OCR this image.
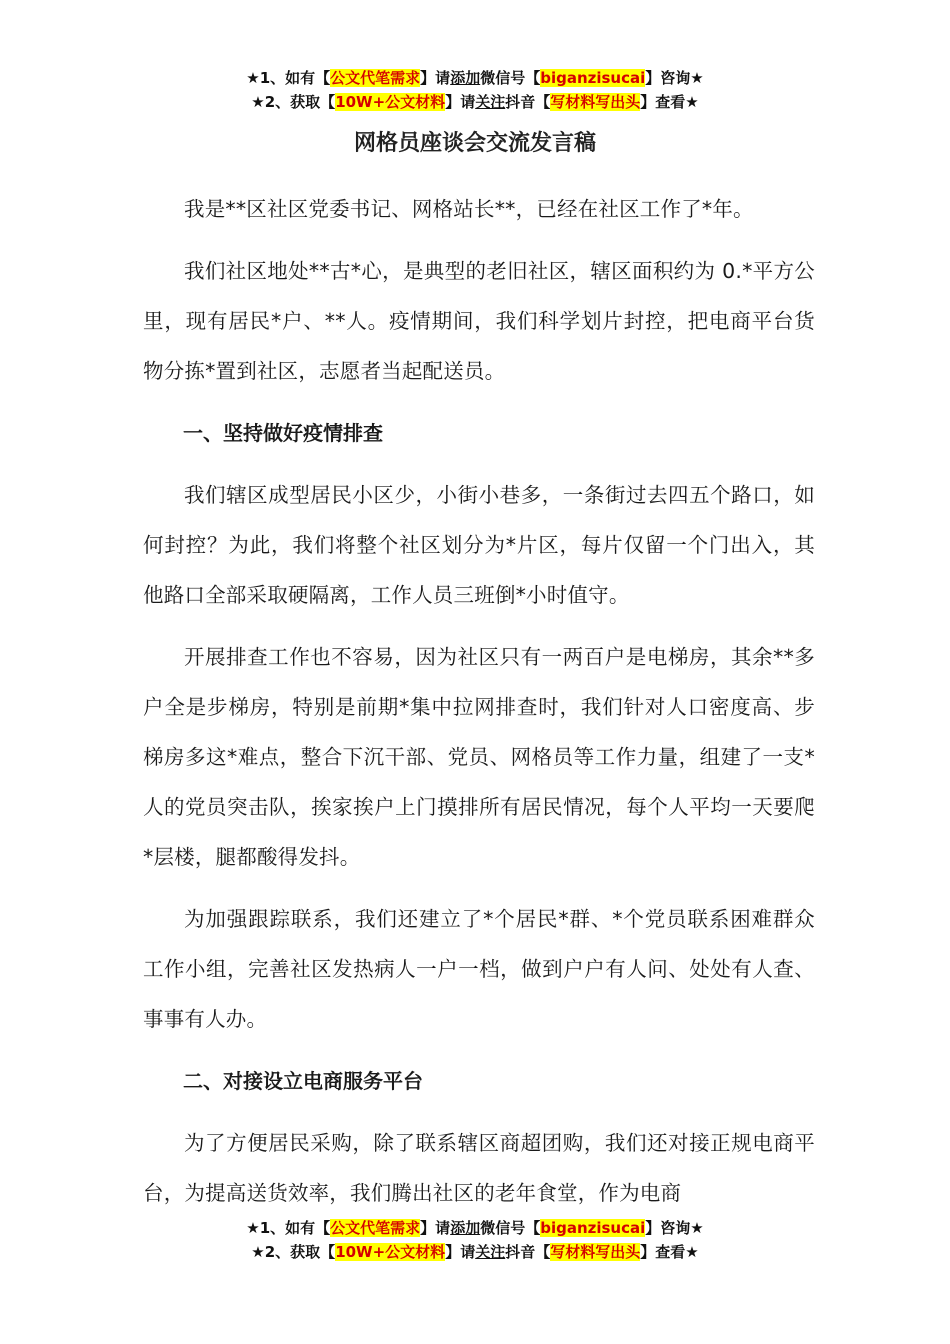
★1、如有【公文代笔需求】请添加微信号【biganzisucai】咨询★
★2、获取【10W+公文材料】请关注抖音【写材料写出头】查看★
网格员座谈会交流发言稿

我是**区社区党委书记、网格站长**，已经在社区工作了*年。

我们社区地处**古*心，是典型的老旧社区，辖区面积约为 0.*平方公里，现有居民*户、**人。疫情期间，我们科学划片封控，把电商平台货物分拣*置到社区，志愿者当起配送员。

一、坚持做好疫情排查

我们辖区成型居民小区少，小街小巷多，一条街过去四五个路口，如何封控？为此，我们将整个社区划分为*片区，每片仅留一个门出入，其他路口全部采取硬隔离，工作人员三班倒*小时值守。

开展排查工作也不容易，因为社区只有一两百户是电梯房，其余**多户全是步梯房，特别是前期*集中拉网排查时，我们针对人口密度高、步梯房多这*难点，整合下沉干部、党员、网格员等工作力量，组建了一支*人的党员突击队，挨家挨户上门摸排所有居民情况，每个人平均一天要爬*层楼，腿都酸得发抖。

为加强跟踪联系，我们还建立了*个居民*群、*个党员联系困难群众工作小组，完善社区发热病人一户一档，做到户户有人问、处处有人查、事事有人办。

二、对接设立电商服务平台

为了方便居民采购，除了联系辖区商超团购，我们还对接正规电商平台，为提高送货效率，我们腾出社区的老年食堂，作为电商

★1、如有【公文代笔需求】请添加微信号【biganzisucai】咨询★
★2、获取【10W+公文材料】请关注抖音【写材料写出头】查看★
